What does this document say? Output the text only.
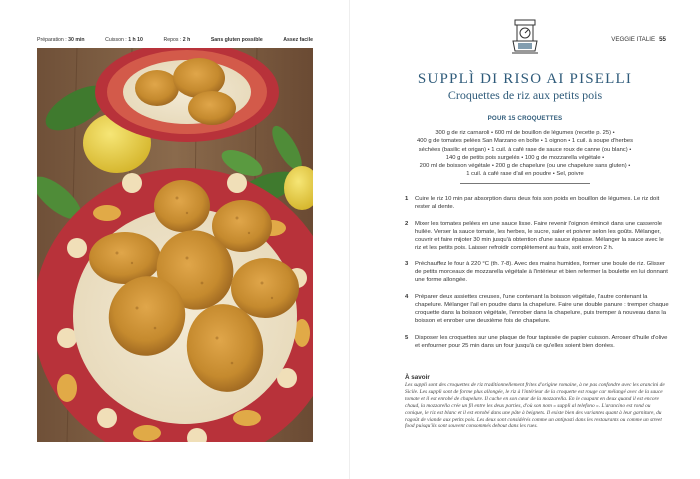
Préparation : 30 min	Cuisson : 1 h 10	Repos : 2 h	Sans gluten possible	Assez facile	VEGGIE ITALIE 55
SUPPLÌ DI RISO AI PISELLI
Croquettes de riz aux petits pois
POUR 15 CROQUETTES
300 g de riz carnaroli • 600 ml de bouillon de légumes (recette p. 25) •
400 g de tomates pelées San Marzano en boîte • 1 oignon • 1 cuil. à soupe d'herbes
séchées (basilic et origan) • 1 cuil. à café rase de sauce roux de canne (ou blanc) •
140 g de petits pois surgelés • 100 g de mozzarella végétale •
200 ml de boisson végétale • 200 g de chapelure (ou une chapelure sans gluten) •
1 cuil. à café rase d'ail en poudre • Sel, poivre
1	Cuire le riz 10 min par absorption dans deux fois son poids en bouillon de légumes. Le riz doit rester al dente.
2	Mixer les tomates pelées en une sauce lisse. Faire revenir l'oignon émincé dans une casserole huilée. Verser la sauce tomate, les herbes, le sucre, saler et poivrer selon les goûts. Mélanger, couvrir et faire mijoter 30 min jusqu'à obtention d'une sauce épaisse. Mélanger la sauce avec le riz et les petits pois. Laisser refroidir complètement au frais, soit environ 2 h.
3	Préchauffez le four à 220 °C (th. 7-8). Avec des mains humides, former une boule de riz. Glisser de petits morceaux de mozzarella végétale à l'intérieur et bien refermer la boulette en lui donnant une forme allongée.
4	Préparer deux assiettes creuses, l'une contenant la boisson végétale, l'autre contenant la chapelure. Mélanger l'ail en poudre dans la chapelure. Faire une double panure : tremper chaque croquette dans la boisson végétale, l'enrober dans la chapelure, puis tremper à nouveau dans la boisson et enrober une deuxième fois de chapelure.
5	Disposer les croquettes sur une plaque de four tapissée de papier cuisson. Arroser d'huile d'olive et enfourner pour 25 min dans un four jusqu'à ce qu'elles soient bien dorées.
À savoir
Les supplì sont des croquettes de riz traditionnellement frites d'origine romaine, à ne pas confondre avec les arancini de Sicile. Les supplì sont de forme plus allongée, le riz à l'intérieur de la croquette est rouge car mélangé avec de la sauce tomate et il est enrobé de chapelure. Il cache en son cœur de la mozzarella. En le coupant en deux quand il est encore chaud, la mozzarella crée un fil entre les deux parties, d'où son nom « supplì al telefono ». L'arancino est rond ou conique, le riz est blanc et il est enrobé dans une pâte à beignets. Il existe bien des variantes quant à leur garniture, du ragoût de viande aux petits pois. Les deux sont considérés comme un antipasti dans les restaurants ou comme un street food puisqu'ils sont souvent consommés debout dans les rues.
